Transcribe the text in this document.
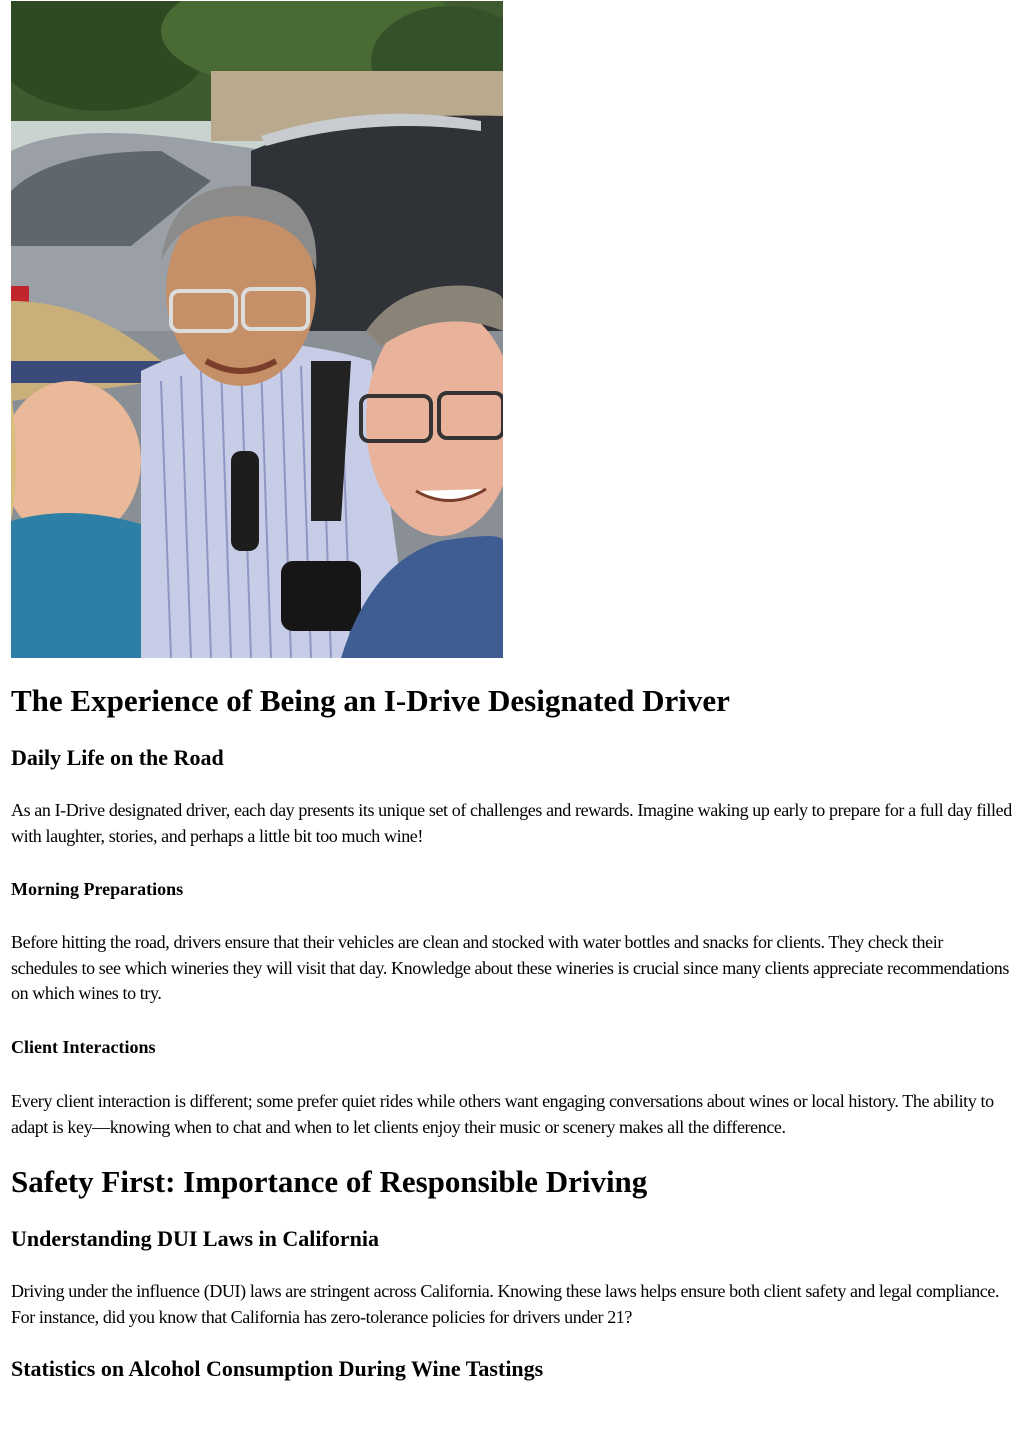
The Experience of Being an I-Drive Designated Driver
Daily Life on the Road

As an I-Drive designated driver, each day presents its unique set of challenges and rewards. Imagine waking up early to prepare for a full day filled with laughter, stories, and perhaps a little bit too much wine!

Morning Preparations

Before hitting the road, drivers ensure that their vehicles are clean and stocked with water bottles and snacks for clients. They check their schedules to see which wineries they will visit that day. Knowledge about these wineries is crucial since many clients appreciate recommendations on which wines to try.

Client Interactions

Every client interaction is different; some prefer quiet rides while others want engaging conversations about wines or local history. The ability to adapt is key—knowing when to chat and when to let clients enjoy their music or scenery makes all the difference.

Safety First: Importance of Responsible Driving
Understanding DUI Laws in California

Driving under the influence (DUI) laws are stringent across California. Knowing these laws helps ensure both client safety and legal compliance. For instance, did you know that California has zero-tolerance policies for drivers under 21?

Statistics on Alcohol Consumption During Wine Tastings
